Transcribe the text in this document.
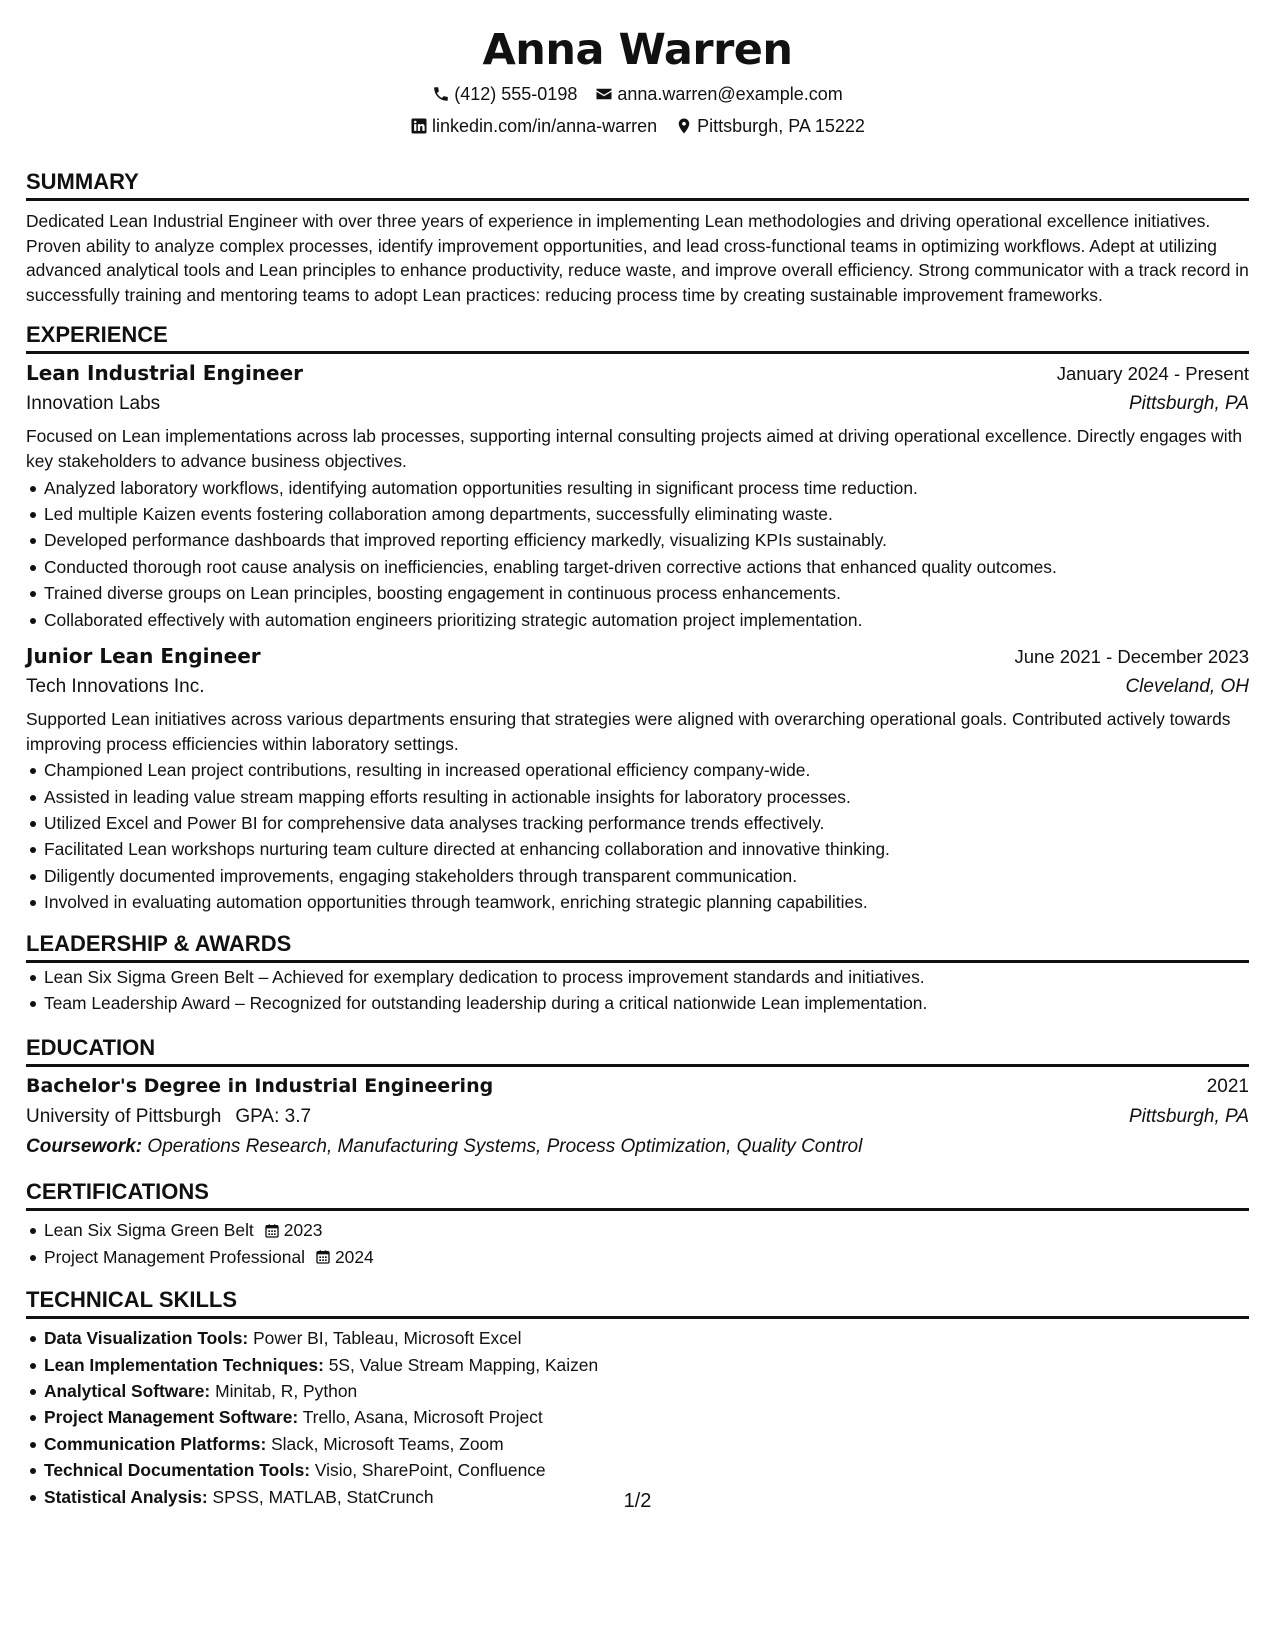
Anna Warren
(412) 555-0198 anna.warren@example.com
linkedin.com/in/anna-warren Pittsburgh, PA 15222
SUMMARY
Dedicated Lean Industrial Engineer with over three years of experience in implementing Lean methodologies and driving operational excellence initiatives. Proven ability to analyze complex processes, identify improvement opportunities, and lead cross-functional teams in optimizing workflows. Adept at utilizing advanced analytical tools and Lean principles to enhance productivity, reduce waste, and improve overall efficiency. Strong communicator with a track record in successfully training and mentoring teams to adopt Lean practices: reducing process time by creating sustainable improvement frameworks.
EXPERIENCE
Lean Industrial Engineer	January 2024 - Present
Innovation Labs	Pittsburgh, PA
Focused on Lean implementations across lab processes, supporting internal consulting projects aimed at driving operational excellence. Directly engages with key stakeholders to advance business objectives.
Analyzed laboratory workflows, identifying automation opportunities resulting in significant process time reduction.
Led multiple Kaizen events fostering collaboration among departments, successfully eliminating waste.
Developed performance dashboards that improved reporting efficiency markedly, visualizing KPIs sustainably.
Conducted thorough root cause analysis on inefficiencies, enabling target-driven corrective actions that enhanced quality outcomes.
Trained diverse groups on Lean principles, boosting engagement in continuous process enhancements.
Collaborated effectively with automation engineers prioritizing strategic automation project implementation.
Junior Lean Engineer	June 2021 - December 2023
Tech Innovations Inc.	Cleveland, OH
Supported Lean initiatives across various departments ensuring that strategies were aligned with overarching operational goals. Contributed actively towards improving process efficiencies within laboratory settings.
Championed Lean project contributions, resulting in increased operational efficiency company-wide.
Assisted in leading value stream mapping efforts resulting in actionable insights for laboratory processes.
Utilized Excel and Power BI for comprehensive data analyses tracking performance trends effectively.
Facilitated Lean workshops nurturing team culture directed at enhancing collaboration and innovative thinking.
Diligently documented improvements, engaging stakeholders through transparent communication.
Involved in evaluating automation opportunities through teamwork, enriching strategic planning capabilities.
LEADERSHIP & AWARDS
Lean Six Sigma Green Belt – Achieved for exemplary dedication to process improvement standards and initiatives.
Team Leadership Award – Recognized for outstanding leadership during a critical nationwide Lean implementation.
EDUCATION
Bachelor's Degree in Industrial Engineering	2021
University of Pittsburgh GPA: 3.7	Pittsburgh, PA
Coursework: Operations Research, Manufacturing Systems, Process Optimization, Quality Control
CERTIFICATIONS
Lean Six Sigma Green Belt 2023
Project Management Professional 2024
TECHNICAL SKILLS
Data Visualization Tools: Power BI, Tableau, Microsoft Excel
Lean Implementation Techniques: 5S, Value Stream Mapping, Kaizen
Analytical Software: Minitab, R, Python
Project Management Software: Trello, Asana, Microsoft Project
Communication Platforms: Slack, Microsoft Teams, Zoom
Technical Documentation Tools: Visio, SharePoint, Confluence
Statistical Analysis: SPSS, MATLAB, StatCrunch	1/2
